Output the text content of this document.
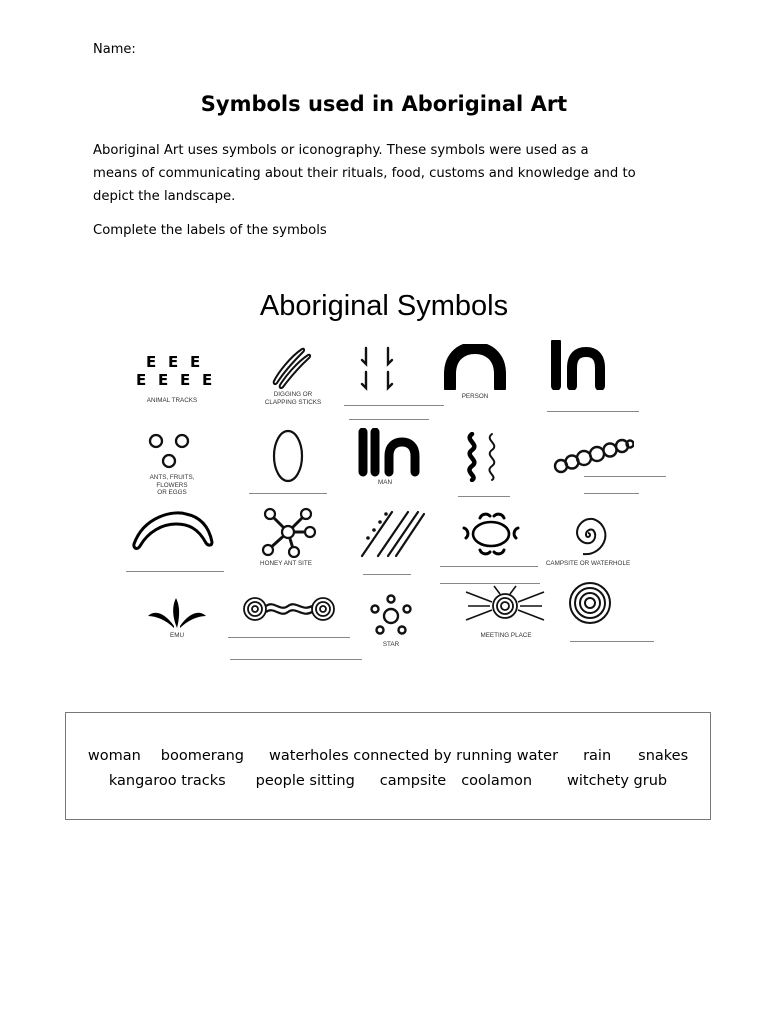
Name:
Symbols used in Aboriginal Art
Aboriginal Art uses symbols or iconography. These symbols were used as a
means of communicating about their rituals, food, customs and knowledge and to
depict the landscape.
Complete the labels of the symbols
Aboriginal Symbols
E E E
E E E E
ANIMAL TRACKS
DIGGING OR
CLAPPING STICKS
PERSON
ANTS, FRUITS, FLOWERS
OR EGGS
MAN
HONEY ANT SITE	CAMPSITE OR WATERHOLE
EMU
STAR
MEETING PLACE
woman boomerang waterholes connected by running water rain snakes
kangaroo tracks people sitting campsite coolamon witchety grub
